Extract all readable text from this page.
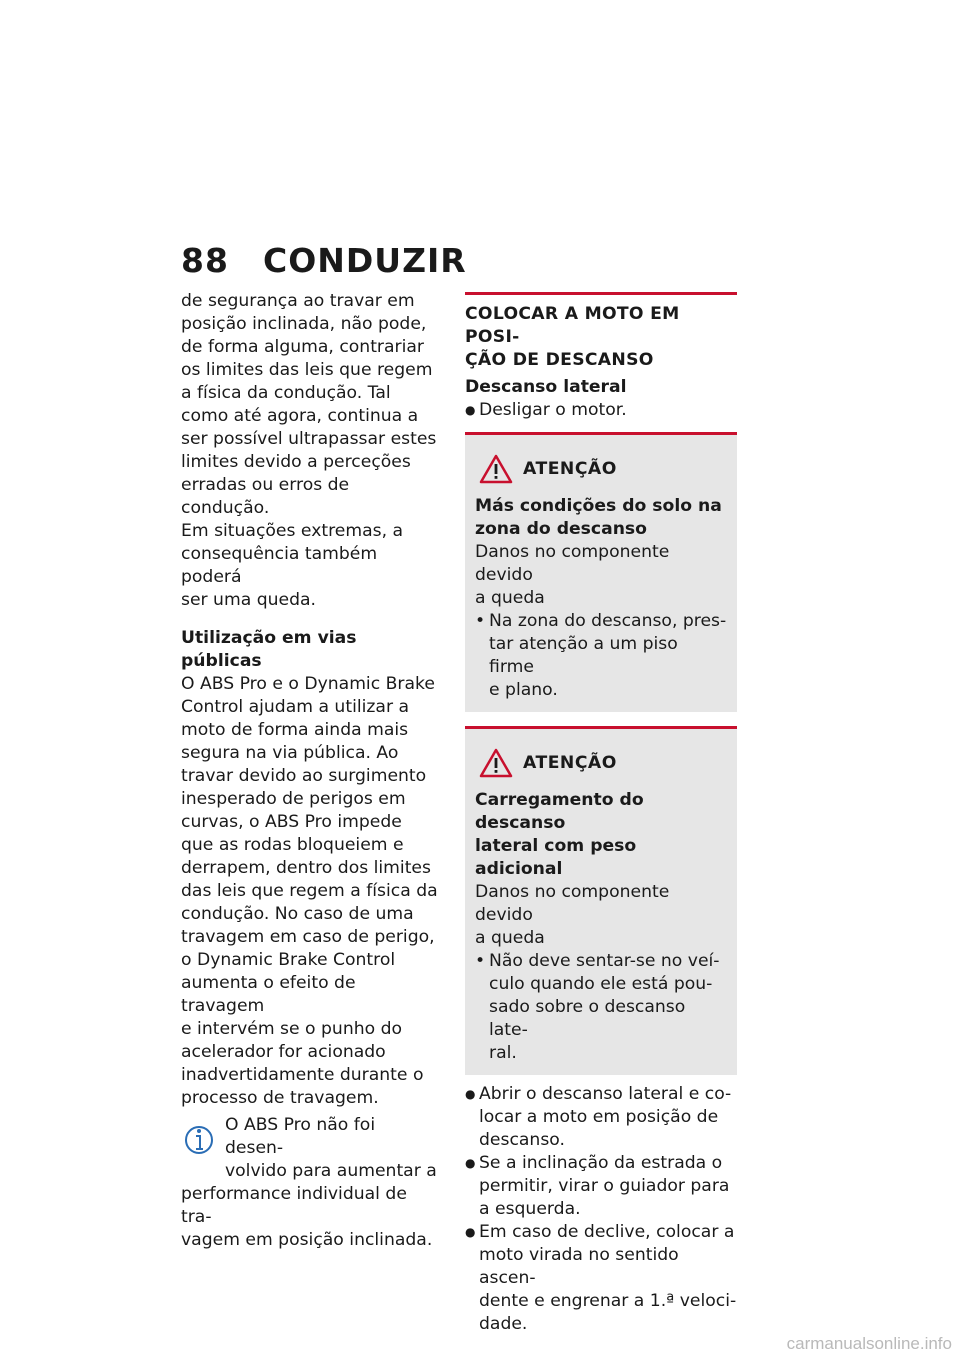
88	CONDUZIR
de segurança ao travar em
posição inclinada, não pode,
de forma alguma, contrariar
os limites das leis que regem
a física da condução. Tal
como até agora, continua a
ser possível ultrapassar estes
limites devido a perceções
erradas ou erros de condução.
Em situações extremas, a
consequência também poderá
ser uma queda.
Utilização em vias públicas
O ABS Pro e o Dynamic Brake
Control ajudam a utilizar a
moto de forma ainda mais
segura na via pública. Ao
travar devido ao surgimento
inesperado de perigos em
curvas, o ABS Pro impede
que as rodas bloqueiem e
derrapem, dentro dos limites
das leis que regem a física da
condução. No caso de uma
travagem em caso de perigo,
o Dynamic Brake Control
aumenta o efeito de travagem
e intervém se o punho do
acelerador for acionado
inadvertidamente durante o
processo de travagem.
O ABS Pro não foi desen-
volvido para aumentar a
performance individual de tra-
vagem em posição inclinada.
COLOCAR A MOTO EM POSI-
ÇÃO DE DESCANSO
Descanso lateral
● Desligar o motor.
ATENÇÃO
Más condições do solo na
zona do descanso
Danos no componente devido
a queda
• Na zona do descanso, pres-
tar atenção a um piso firme
e plano.
ATENÇÃO
Carregamento do descanso
lateral com peso adicional
Danos no componente devido
a queda
• Não deve sentar-se no veí-
culo quando ele está pou-
sado sobre o descanso late-
ral.
● Abrir o descanso lateral e co-
locar a moto em posição de
descanso.
● Se a inclinação da estrada o
permitir, virar o guiador para
a esquerda.
● Em caso de declive, colocar a
moto virada no sentido ascen-
dente e engrenar a 1.ª veloci-
dade.
carmanualsonline.info
